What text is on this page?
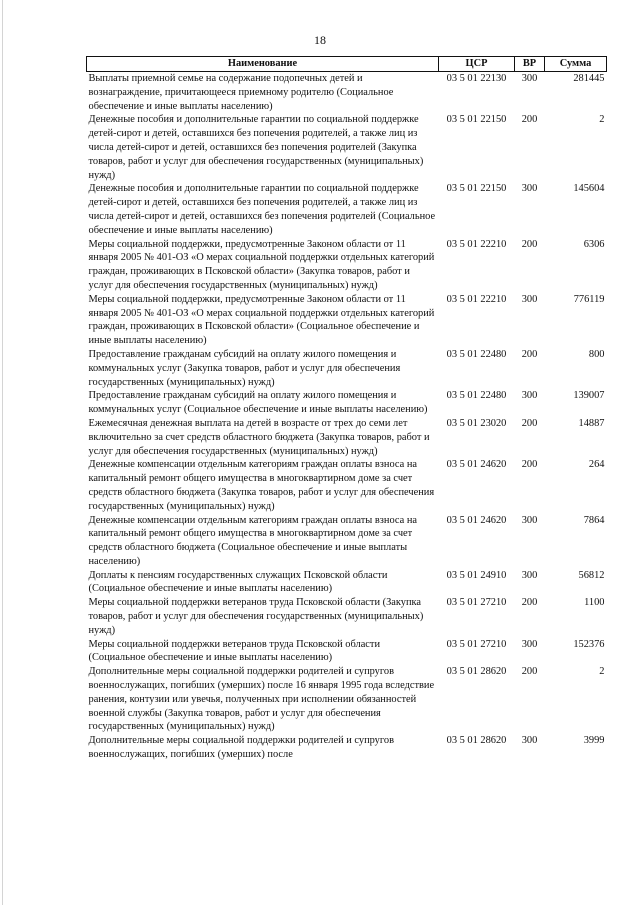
18
Наименование	ЦСР	ВР	Сумма
Выплаты приемной семье на содержание подопечных детей и вознаграждение, причитающееся приемному родителю (Социальное обеспечение и иные выплаты населению)	03 5 01 22130	300	281445
Денежные пособия и дополнительные гарантии по социальной поддержке детей-сирот и детей, оставшихся без попечения родителей, а также лиц из числа детей-сирот и детей, оставшихся без попечения родителей (Закупка товаров, работ и услуг для обеспечения государственных (муниципальных) нужд)	03 5 01 22150	200	2
Денежные пособия и дополнительные гарантии по социальной поддержке детей-сирот и детей, оставшихся без попечения родителей, а также лиц из числа детей-сирот и детей, оставшихся без попечения родителей (Социальное обеспечение и иные выплаты населению)	03 5 01 22150	300	145604
Меры социальной поддержки, предусмотренные Законом области от 11 января 2005 № 401-ОЗ «О мерах социальной поддержки отдельных категорий граждан, проживающих в Псковской области» (Закупка товаров, работ и услуг для обеспечения государственных (муниципальных) нужд)	03 5 01 22210	200	6306
Меры социальной поддержки, предусмотренные Законом области от 11 января 2005 № 401-ОЗ «О мерах социальной поддержки отдельных категорий граждан, проживающих в Псковской области» (Социальное обеспечение и иные выплаты населению)	03 5 01 22210	300	776119
Предоставление гражданам субсидий на оплату жилого помещения и коммунальных услуг (Закупка товаров, работ и услуг для обеспечения государственных (муниципальных) нужд)	03 5 01 22480	200	800
Предоставление гражданам субсидий на оплату жилого помещения и коммунальных услуг (Социальное обеспечение и иные выплаты населению)	03 5 01 22480	300	139007
Ежемесячная денежная выплата на детей в возрасте от трех до семи лет включительно за счет средств областного бюджета (Закупка товаров, работ и услуг для обеспечения государственных (муниципальных) нужд)	03 5 01 23020	200	14887
Денежные компенсации отдельным категориям граждан оплаты взноса на капитальный ремонт общего имущества в многоквартирном доме за счет средств областного бюджета (Закупка товаров, работ и услуг для обеспечения государственных (муниципальных) нужд)	03 5 01 24620	200	264
Денежные компенсации отдельным категориям граждан оплаты взноса на капитальный ремонт общего имущества в многоквартирном доме за счет средств областного бюджета (Социальное обеспечение и иные выплаты населению)	03 5 01 24620	300	7864
Доплаты к пенсиям государственных служащих Псковской области (Социальное обеспечение и иные выплаты населению)	03 5 01 24910	300	56812
Меры социальной поддержки ветеранов труда Псковской области (Закупка товаров, работ и услуг для обеспечения государственных (муниципальных) нужд)	03 5 01 27210	200	1100
Меры социальной поддержки ветеранов труда Псковской области (Социальное обеспечение и иные выплаты населению)	03 5 01 27210	300	152376
Дополнительные меры социальной поддержки родителей и супругов военнослужащих, погибших (умерших) после 16 января 1995 года вследствие ранения, контузии или увечья, полученных при исполнении обязанностей военной службы (Закупка товаров, работ и услуг для обеспечения государственных (муниципальных) нужд)	03 5 01 28620	200	2
Дополнительные меры социальной поддержки родителей и супругов военнослужащих, погибших (умерших) после	03 5 01 28620	300	3999
